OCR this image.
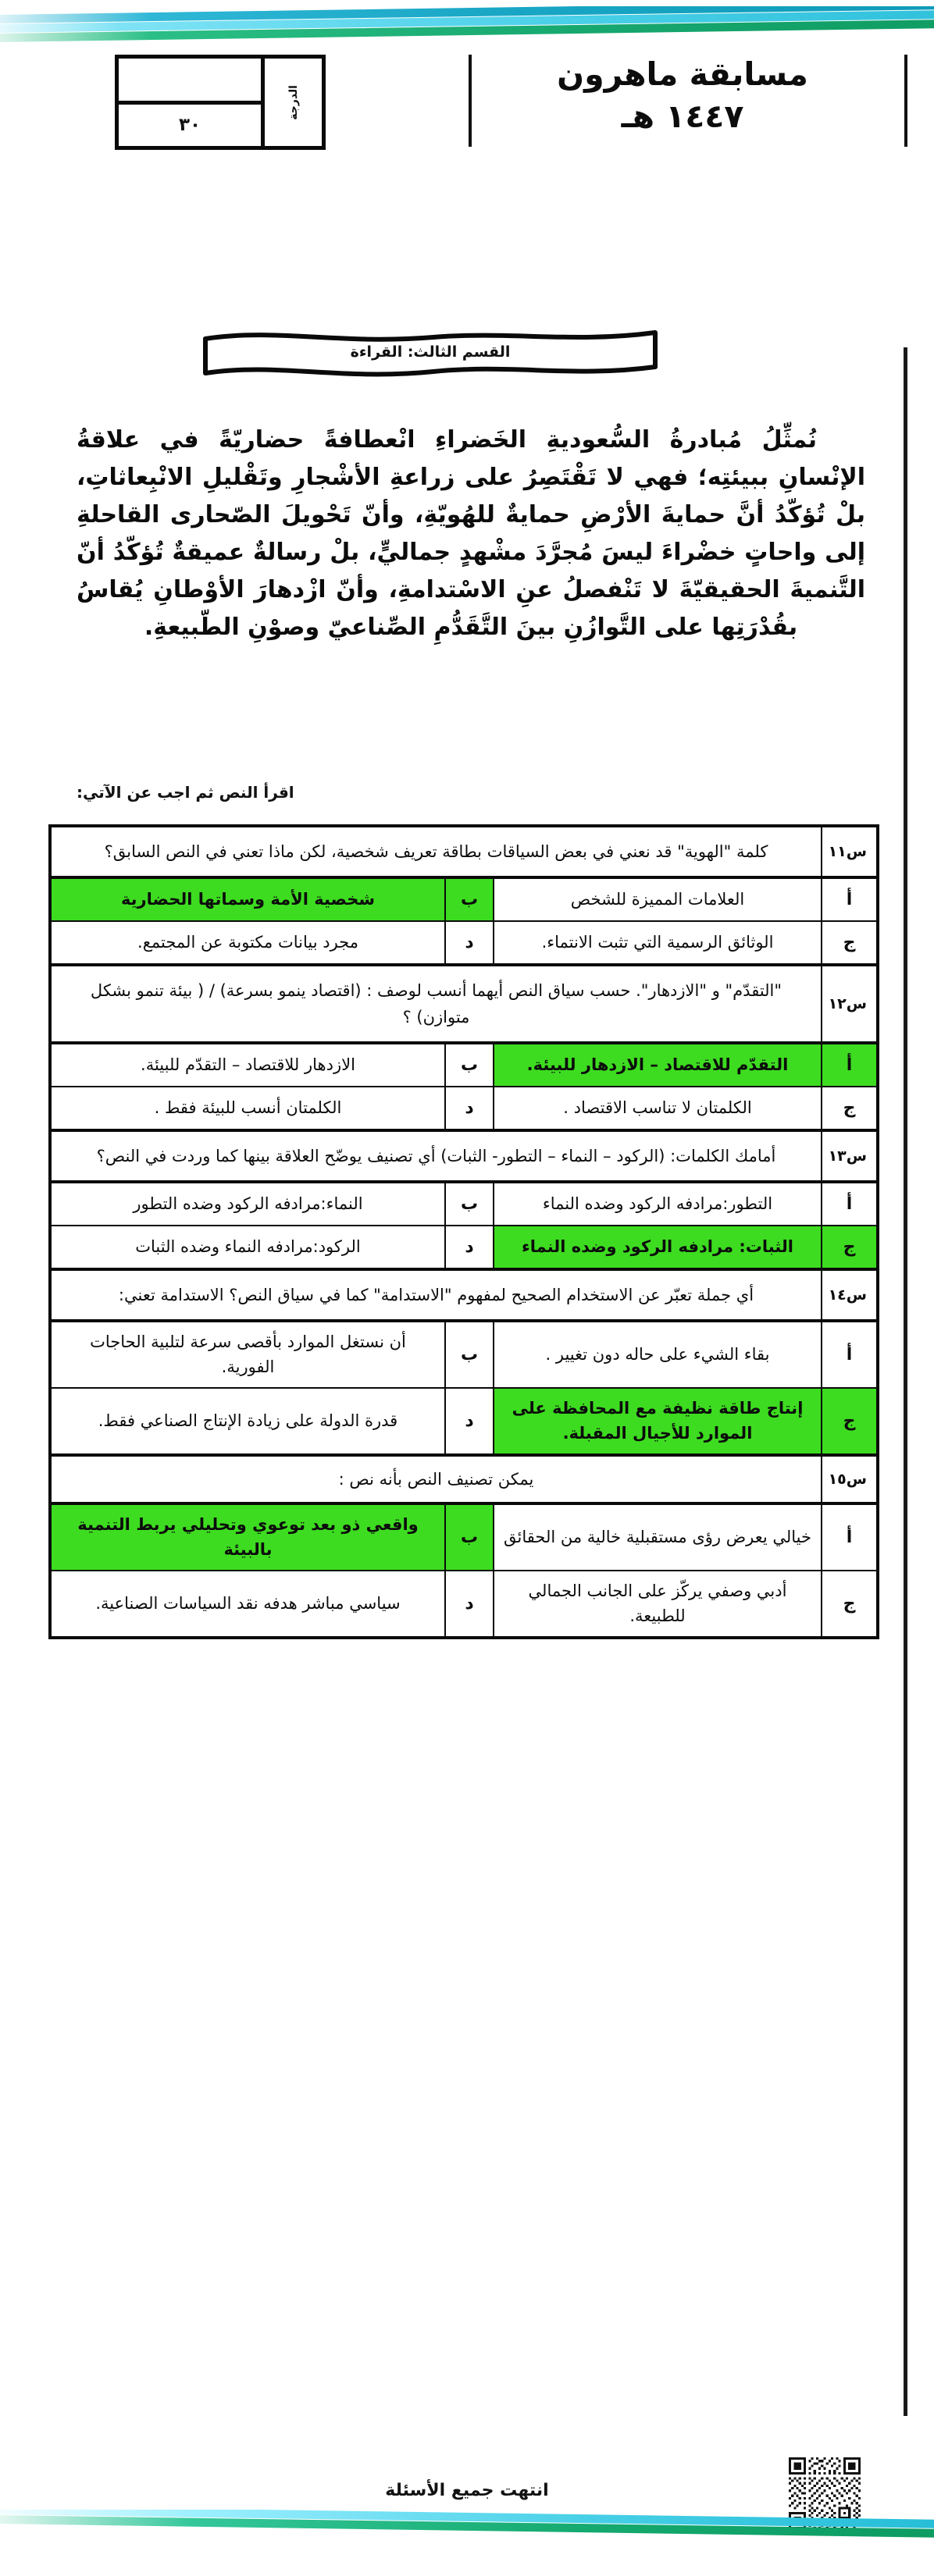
مسابقة ماهرون
١٤٤٧ هـ
الدرجة
٣٠
القسم الثالث: القراءة
نُمثِّلُ مُبادرةُ السُّعوديةِ الخَضراءِ انْعطافةً حضاريّةً في علاقةُ الإنْسانِ ببيئتِه؛ فهي لا تَقْتَصِرُ على زراعةِ الأشْجارِ وتَقْليلِ الانْبِعاثاتِ، بلْ تُؤكّدُ أنَّ حمايةَ الأرْضِ حمايةٌ للهُويّةِ، وأنّ تَحْويلَ الصّحارى القاحلةِ إلى واحاتٍ خضْراءَ ليسَ مُجرَّدَ مشْهدٍ جماليٍّ، بلْ رسالةٌ عميقةٌ تُؤكّدُ أنّ التَّنميةَ الحقيقيّةَ لا تَنْفصلُ عنِ الاسْتدامةِ، وأنّ ازْدهارَ الأوْطانِ يُقاسُ بقُدْرَتِها على التَّوازُنِ بينَ التَّقَدُّمِ الصِّناعيّ وصوْنِ الطّبيعةِ.
اقرأ النص ثم اجب عن الآتي:
س١١	كلمة "الهوية" قد نعني في بعض السياقات بطاقة تعريف شخصية، لكن ماذا تعني في النص السابق؟		
أ	العلامات المميزة للشخص	ب	شخصية الأمة وسماتها الحضارية
ج	الوثائق الرسمية التي تثبت الانتماء.	د	مجرد بيانات مكتوبة عن المجتمع.
س١٢	"التقدّم" و "الازدهار". حسب سياق النص أيهما أنسب لوصف : (اقتصاد ينمو بسرعة) / ( بيئة تنمو بشكل متوازن) ؟		
أ	التقدّم للاقتصاد – الازدهار للبيئة.	ب	الازدهار للاقتصاد – التقدّم للبيئة.
ج	الكلمتان لا تناسب الاقتصاد .	د	الكلمتان أنسب للبيئة فقط .
س١٣	أمامك الكلمات: (الركود – النماء – التطور- الثبات) أي تصنيف يوضّح العلاقة بينها كما وردت في النص؟		
أ	التطور:مرادفه الركود وضده النماء	ب	النماء:مرادفه الركود وضده التطور
ج	الثبات: مرادفه الركود وضده النماء	د	الركود:مرادفه النماء وضده الثبات
س١٤	أي جملة تعبّر عن الاستخدام الصحيح لمفهوم "الاستدامة" كما في سياق النص؟ الاستدامة تعني:		
أ	بقاء الشيء على حاله دون تغيير .	ب	أن نستغل الموارد بأقصى سرعة لتلبية الحاجات الفورية.
ج	إنتاج طاقة نظيفة مع المحافظة على الموارد للأجيال المقبلة.	د	قدرة الدولة على زيادة الإنتاج الصناعي فقط.
س١٥	يمكن تصنيف النص بأنه نص :		
أ	خيالي يعرض رؤى مستقبلية خالية من الحقائق	ب	واقعي ذو بعد توعوي وتحليلي يربط التنمية بالبيئة
ج	أدبي وصفي يركّز على الجانب الجمالي للطبيعة.	د	سياسي مباشر هدفه نقد السياسات الصناعية.
انتهت جميع الأسئلة
